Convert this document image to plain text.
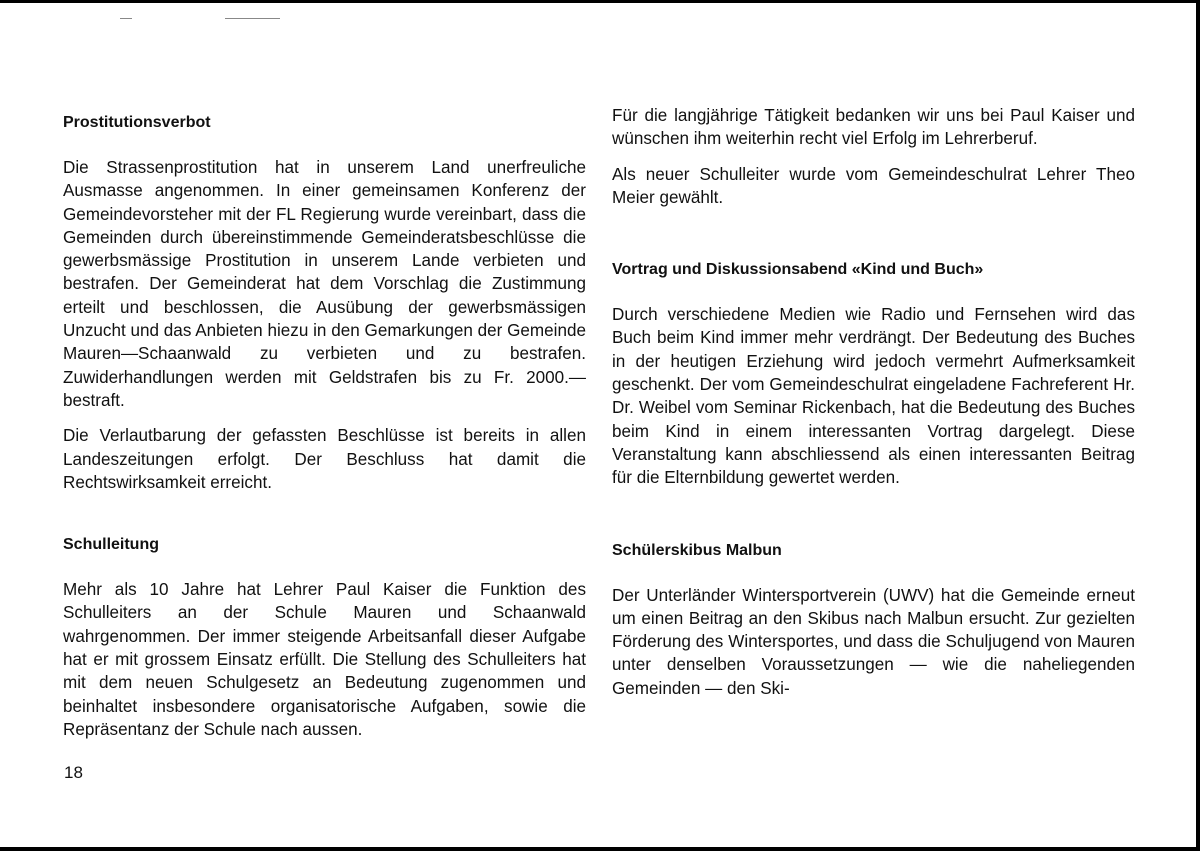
Prostitutionsverbot

Die Strassenprostitution hat in unserem Land unerfreuliche Ausmasse angenommen. In einer gemeinsamen Konferenz der Gemeindevorsteher mit der FL Regierung wurde vereinbart, dass die Gemeinden durch übereinstimmende Gemeinderatsbeschlüsse die gewerbsmässige Prostitution in unserem Lande verbieten und bestrafen. Der Gemeinderat hat dem Vorschlag die Zustimmung erteilt und beschlossen, die Ausübung der gewerbsmässigen Unzucht und das Anbieten hiezu in den Gemarkungen der Gemeinde Mauren—Schaanwald zu verbieten und zu bestrafen. Zuwiderhandlungen werden mit Geldstrafen bis zu Fr. 2000.— bestraft.

Die Verlautbarung der gefassten Beschlüsse ist bereits in allen Landeszeitungen erfolgt. Der Beschluss hat damit die Rechtswirksamkeit erreicht.

Schulleitung

Mehr als 10 Jahre hat Lehrer Paul Kaiser die Funktion des Schulleiters an der Schule Mauren und Schaanwald wahrgenommen. Der immer steigende Arbeitsanfall dieser Aufgabe hat er mit grossem Einsatz erfüllt. Die Stellung des Schulleiters hat mit dem neuen Schulgesetz an Bedeutung zugenommen und beinhaltet insbesondere organisatorische Aufgaben, sowie die Repräsentanz der Schule nach aussen.

Für die langjährige Tätigkeit bedanken wir uns bei Paul Kaiser und wünschen ihm weiterhin recht viel Erfolg im Lehrerberuf.

Als neuer Schulleiter wurde vom Gemeindeschulrat Lehrer Theo Meier gewählt.

Vortrag und Diskussionsabend «Kind und Buch»

Durch verschiedene Medien wie Radio und Fernsehen wird das Buch beim Kind immer mehr verdrängt. Der Bedeutung des Buches in der heutigen Erziehung wird jedoch vermehrt Aufmerksamkeit geschenkt. Der vom Gemeindeschulrat eingeladene Fachreferent Hr. Dr. Weibel vom Seminar Rickenbach, hat die Bedeutung des Buches beim Kind in einem interessanten Vortrag dargelegt. Diese Veranstaltung kann abschliessend als einen interessanten Beitrag für die Elternbildung gewertet werden.

Schülerskibus Malbun

Der Unterländer Wintersportverein (UWV) hat die Gemeinde erneut um einen Beitrag an den Skibus nach Malbun ersucht. Zur gezielten Förderung des Wintersportes, und dass die Schuljugend von Mauren unter denselben Voraussetzungen — wie die naheliegenden Gemeinden — den Ski-

18
